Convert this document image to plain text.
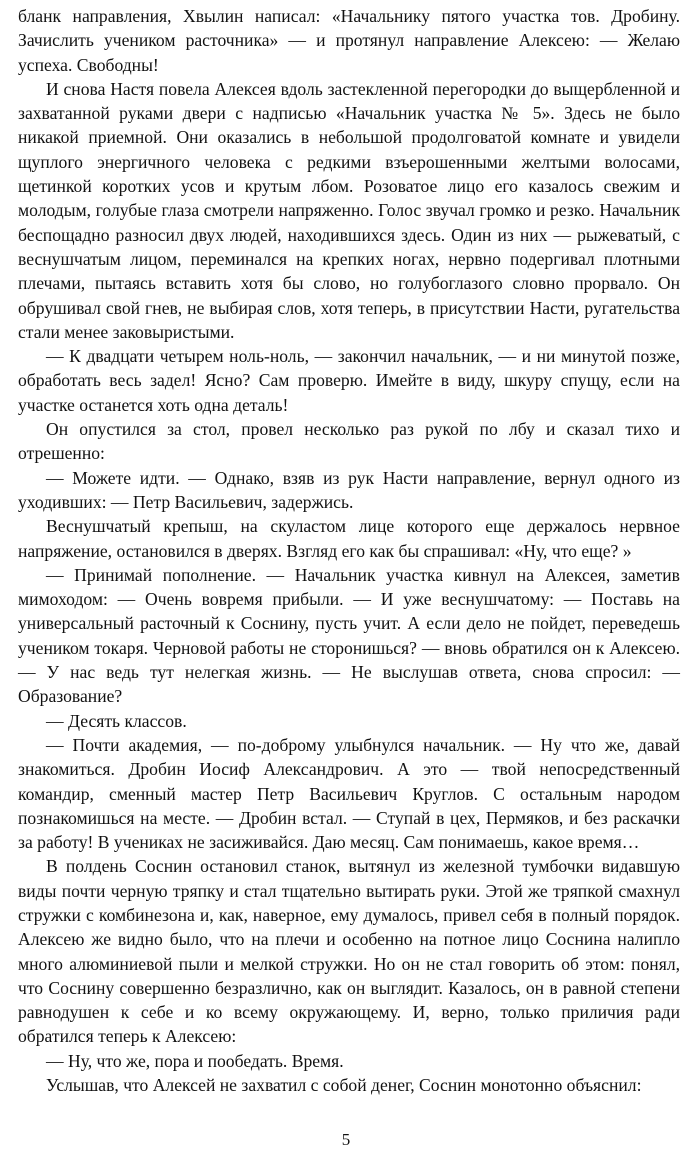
бланк направления, Хвылин написал: «Начальнику пятого участка тов. Дробину. Зачислить учеником расточника» — и протянул направление Алексею: — Желаю успеха. Свободны!

И снова Настя повела Алексея вдоль застекленной перегородки до выщербленной и захватанной руками двери с надписью «Начальник участка № 5». Здесь не было никакой приемной. Они оказались в небольшой продолговатой комнате и увидели щуплого энергичного человека с редкими взъерошенными желтыми волосами, щетинкой коротких усов и крутым лбом. Розоватое лицо его казалось свежим и молодым, голубые глаза смотрели напряженно. Голос звучал громко и резко. Начальник беспощадно разносил двух людей, находившихся здесь. Один из них — рыжеватый, с веснушчатым лицом, переминался на крепких ногах, нервно подергивал плотными плечами, пытаясь вставить хотя бы слово, но голубоглазого словно прорвало. Он обрушивал свой гнев, не выбирая слов, хотя теперь, в присутствии Насти, ругательства стали менее заковыристыми.

— К двадцати четырем ноль-ноль, — закончил начальник, — и ни минутой позже, обработать весь задел! Ясно? Сам проверю. Имейте в виду, шкуру спущу, если на участке останется хоть одна деталь!

Он опустился за стол, провел несколько раз рукой по лбу и сказал тихо и отрешенно:

— Можете идти. — Однако, взяв из рук Насти направление, вернул одного из уходивших: — Петр Васильевич, задержись.

Веснушчатый крепыш, на скуластом лице которого еще держалось нервное напряжение, остановился в дверях. Взгляд его как бы спрашивал: «Ну, что еще? »

— Принимай пополнение. — Начальник участка кивнул на Алексея, заметив мимоходом: — Очень вовремя прибыли. — И уже веснушчатому: — Поставь на универсальный расточный к Соснину, пусть учит. А если дело не пойдет, переведешь учеником токаря. Черновой работы не сторонишься? — вновь обратился он к Алексею. — У нас ведь тут нелегкая жизнь. — Не выслушав ответа, снова спросил: — Образование?

— Десять классов.

— Почти академия, — по-доброму улыбнулся начальник. — Ну что же, давай знакомиться. Дробин Иосиф Александрович. А это — твой непосредственный командир, сменный мастер Петр Васильевич Круглов. С остальным народом познакомишься на месте. — Дробин встал. — Ступай в цех, Пермяков, и без раскачки за работу! В учениках не засиживайся. Даю месяц. Сам понимаешь, какое время…

В полдень Соснин остановил станок, вытянул из железной тумбочки видавшую виды почти черную тряпку и стал тщательно вытирать руки. Этой же тряпкой смахнул стружки с комбинезона и, как, наверное, ему думалось, привел себя в полный порядок. Алексею же видно было, что на плечи и особенно на потное лицо Соснина налипло много алюминиевой пыли и мелкой стружки. Но он не стал говорить об этом: понял, что Соснину совершенно безразлично, как он выглядит. Казалось, он в равной степени равнодушен к себе и ко всему окружающему. И, верно, только приличия ради обратился теперь к Алексею:

— Ну, что же, пора и пообедать. Время.

Услышав, что Алексей не захватил с собой денег, Соснин монотонно объяснил:

5
